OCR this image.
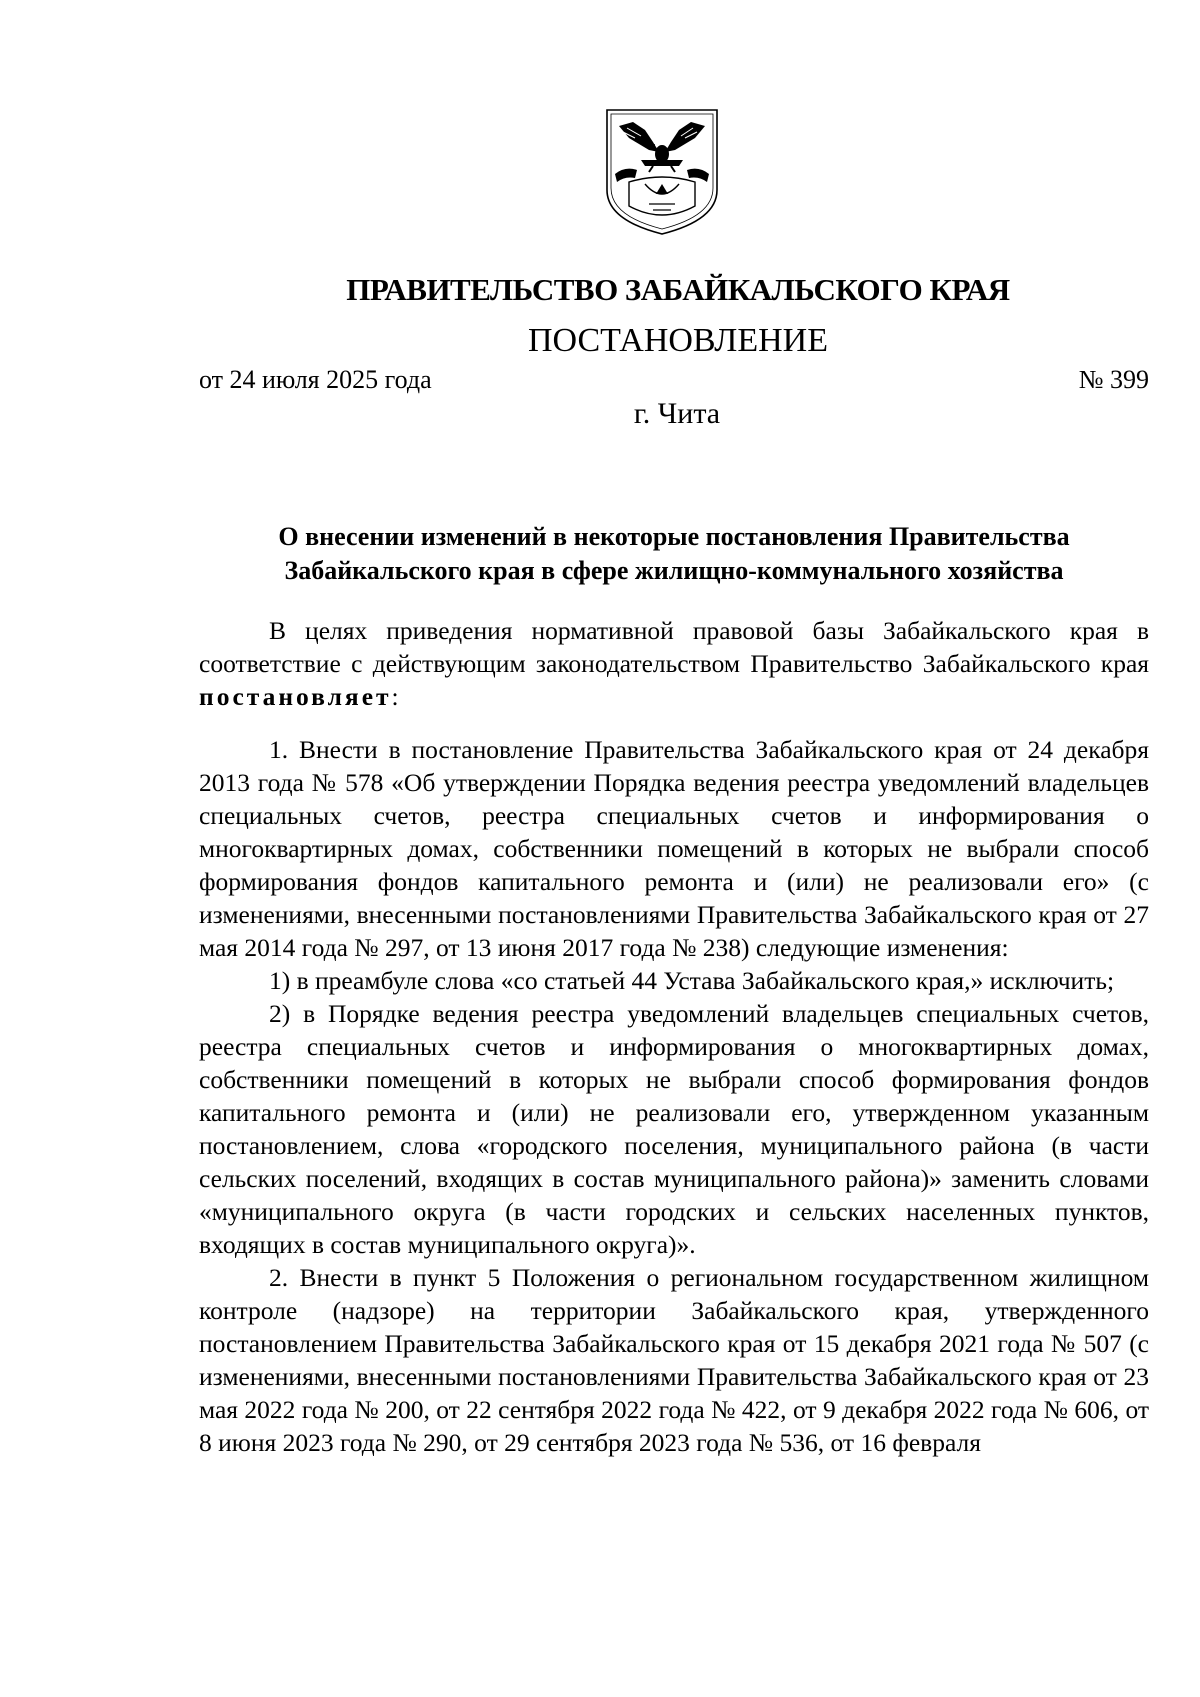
ПРАВИТЕЛЬСТВО ЗАБАЙКАЛЬСКОГО КРАЯ
ПОСТАНОВЛЕНИЕ
от 24 июля 2025 года	№ 399
г. Чита
О внесении изменений в некоторые постановления Правительства
Забайкальского края в сфере жилищно-коммунального хозяйства

В целях приведения нормативной правовой базы Забайкальского края в соответствие с действующим законодательством Правительство Забайкальского края постановляет:

1. Внести в постановление Правительства Забайкальского края от 24 декабря 2013 года № 578 «Об утверждении Порядка ведения реестра уведомлений владельцев специальных счетов, реестра специальных счетов и информирования о многоквартирных домах, собственники помещений в которых не выбрали способ формирования фондов капитального ремонта и (или) не реализовали его» (с изменениями, внесенными постановлениями Правительства Забайкальского края от 27 мая 2014 года № 297, от 13 июня 2017 года № 238) следующие изменения:

1) в преамбуле слова «со статьей 44 Устава Забайкальского края,» исключить;

2) в Порядке ведения реестра уведомлений владельцев специальных счетов, реестра специальных счетов и информирования о многоквартирных домах, собственники помещений в которых не выбрали способ формирования фондов капитального ремонта и (или) не реализовали его, утвержденном указанным постановлением, слова «городского поселения, муниципального района (в части сельских поселений, входящих в состав муниципального района)» заменить словами «муниципального округа (в части городских и сельских населенных пунктов, входящих в состав муниципального округа)».

2. Внести в пункт 5 Положения о региональном государственном жилищном контроле (надзоре) на территории Забайкальского края, утвержденного постановлением Правительства Забайкальского края от 15 декабря 2021 года № 507 (с изменениями, внесенными постановлениями Правительства Забайкальского края от 23 мая 2022 года № 200, от 22 сентября 2022 года № 422, от 9 декабря 2022 года № 606, от 8 июня 2023 года № 290, от 29 сентября 2023 года № 536, от 16 февраля
